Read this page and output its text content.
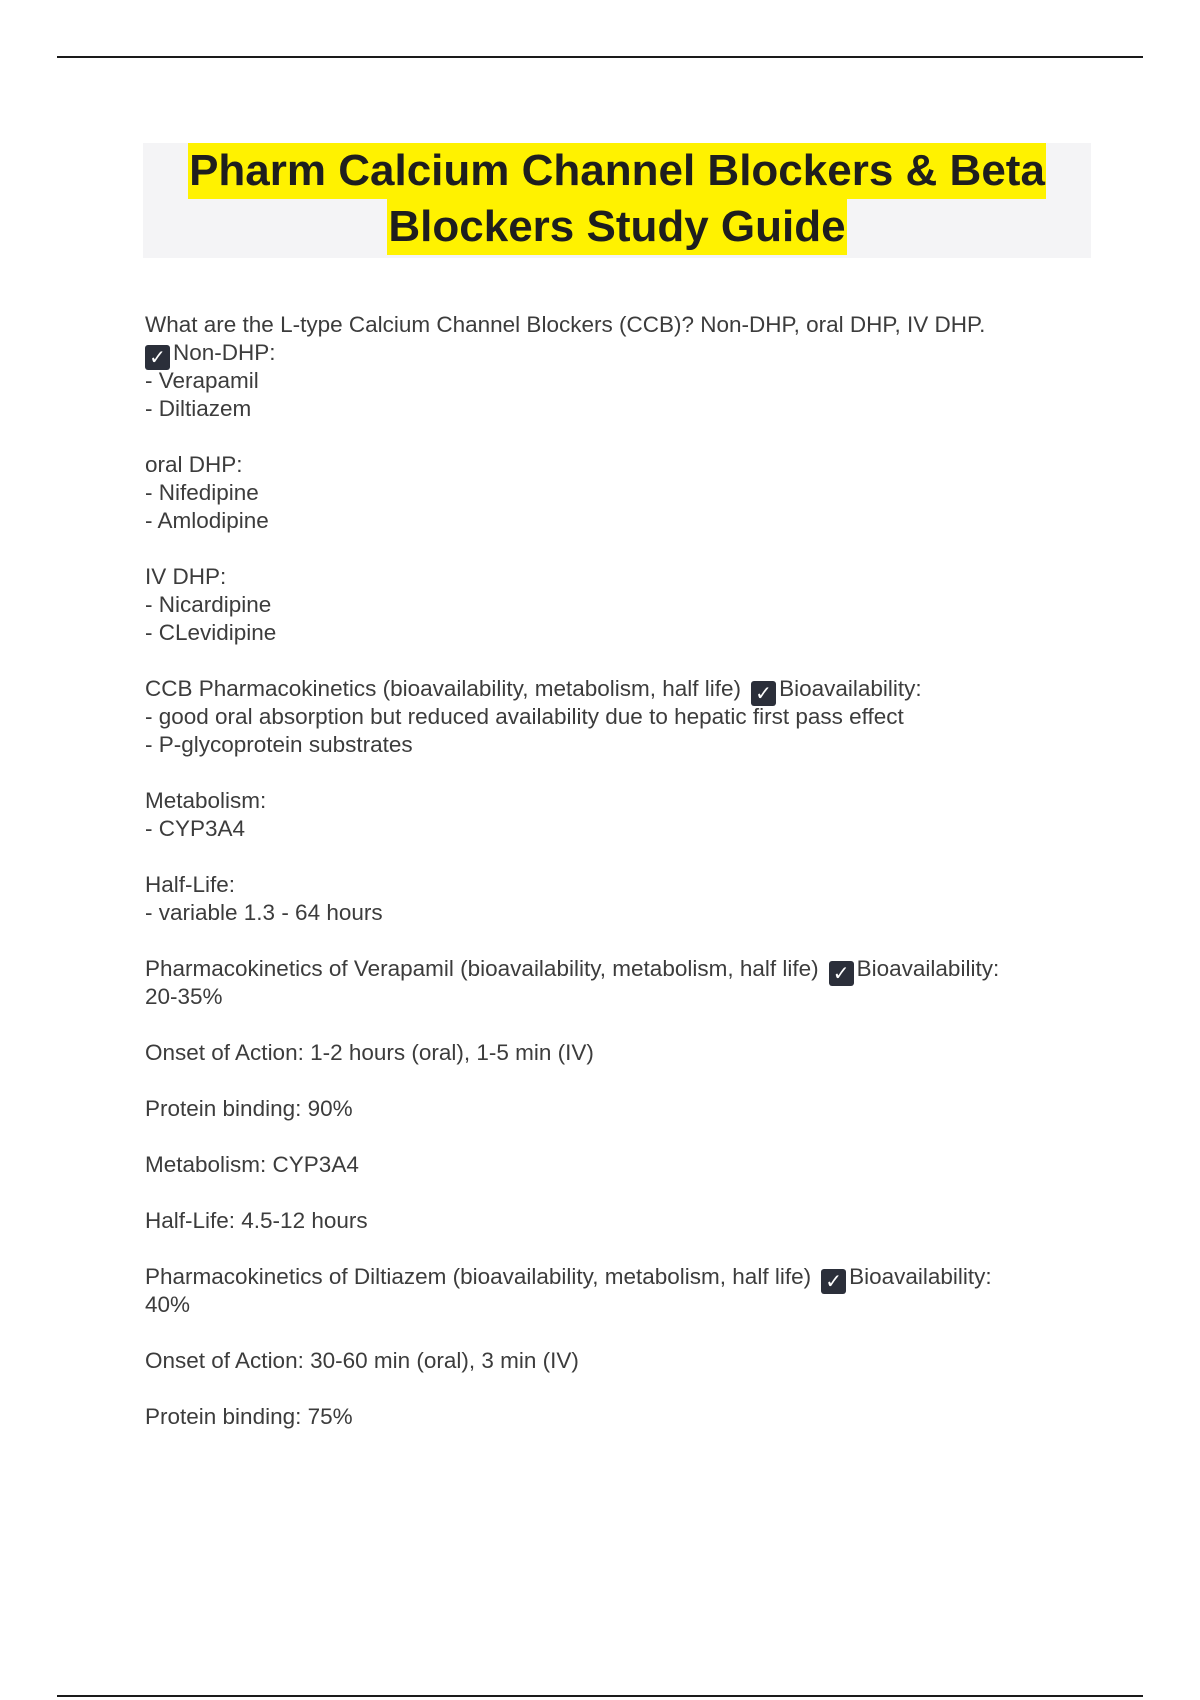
Pharm Calcium Channel Blockers & Beta
Blockers Study Guide
What are the L-type Calcium Channel Blockers (CCB)? Non-DHP, oral DHP, IV DHP.
✓ Non-DHP:
- Verapamil
- Diltiazem
oral DHP:
- Nifedipine
- Amlodipine
IV DHP:
- Nicardipine
- CLevidipine
CCB Pharmacokinetics (bioavailability, metabolism, half life) ✓ Bioavailability:
- good oral absorption but reduced availability due to hepatic first pass effect
- P-glycoprotein substrates
Metabolism:
- CYP3A4
Half-Life:
- variable 1.3 - 64 hours
Pharmacokinetics of Verapamil (bioavailability, metabolism, half life) ✓ Bioavailability:
20-35%
Onset of Action: 1-2 hours (oral), 1-5 min (IV)
Protein binding: 90%
Metabolism: CYP3A4
Half-Life: 4.5-12 hours
Pharmacokinetics of Diltiazem (bioavailability, metabolism, half life) ✓ Bioavailability:
40%
Onset of Action: 30-60 min (oral), 3 min (IV)
Protein binding: 75%
